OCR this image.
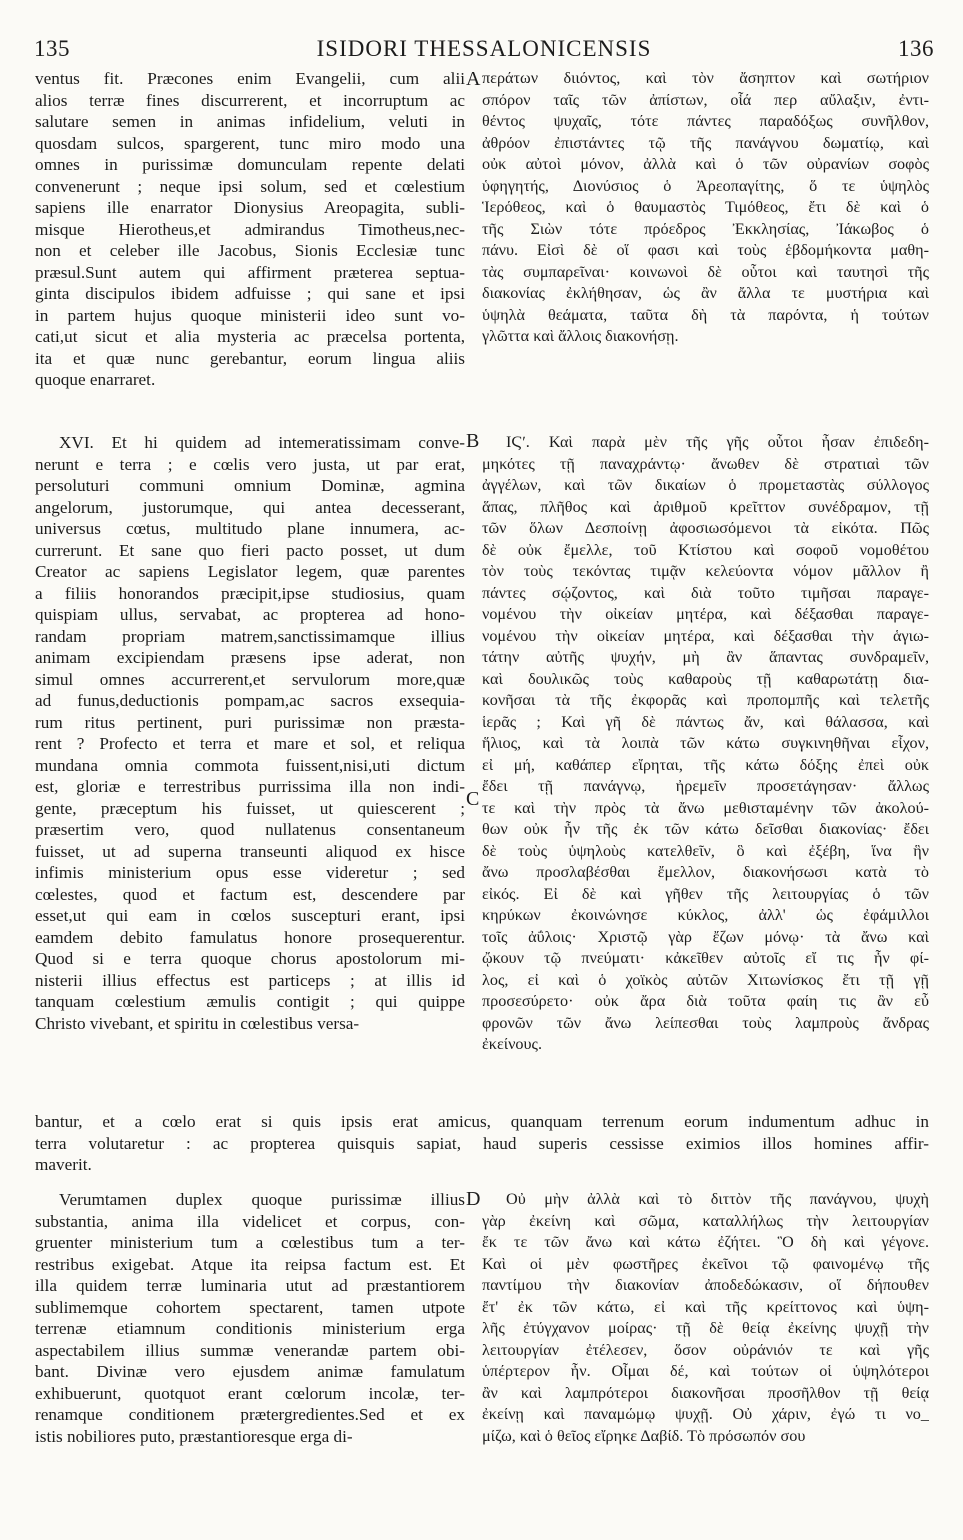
135	ISIDORI THESSALONICENSIS	136
A
B
C
D
ventus fit. Præcones enim Evangelii, cum alii
alios terræ fines discurrerent, et incorruptum ac
salutare semen in animas infidelium, veluti in
quosdam sulcos, spargerent, tunc miro modo una
omnes in purissimæ domunculam repente delati
convenerunt ; neque ipsi solum, sed et cœlestium
sapiens ille enarrator Dionysius Areopagita, subli-
misque Hierotheus,et admirandus Timotheus,nec-
non et celeber ille Jacobus, Sionis Ecclesiæ tunc
præsul.Sunt autem qui affirment præterea septua-
ginta discipulos ibidem adfuisse ; qui sane et ipsi
in partem hujus quoque ministerii ideo sunt vo-
cati,ut sicut et alia mysteria ac præcelsa portenta,
ita et quæ nunc gerebantur, eorum lingua aliis
quoque enarraret.
XVI. Et hi quidem ad intemeratissimam conve-
nerunt e terra ; e cœlis vero justa, ut par erat,
persoluturi communi omnium Dominæ, agmina
angelorum, justorumque, qui antea decesserant,
universus cœtus, multitudo plane innumera, ac-
currerunt. Et sane quo fieri pacto posset, ut dum
Creator ac sapiens Legislator legem, quæ parentes
a filiis honorandos præcipit,ipse studiosius, quam
quispiam ullus, servabat, ac propterea ad hono-
randam propriam matrem,sanctissimamque illius
animam excipiendam præsens ipse aderat, non
simul omnes accurrerent,et servulorum more,quæ
ad funus,deductionis pompam,ac sacros exsequia-
rum ritus pertinent, puri purissimæ non præsta-
rent ? Profecto et terra et mare et sol, et reliqua
mundana omnia commota fuissent,nisi,uti dictum
est, gloriæ e terrestribus purrissima illa non indi-
gente, præceptum his fuisset, ut quiescerent ;
præsertim vero, quod nullatenus consentaneum
fuisset, ut ad superna transeunti aliquod ex hisce
infimis ministerium opus esse videretur ; sed
cœlestes, quod et factum est, descendere par
esset,ut qui eam in cœlos suscepturi erant, ipsi
eamdem debito famulatus honore prosequerentur.
Quod si e terra quoque chorus apostolorum mi-
nisterii illius effectus est particeps ; at illis id
tanquam cœlestium æmulis contigit ; qui quippe
Christo vivebant, et spiritu in cœlestibus versa-
bantur, et a cœlo erat si quis ipsis erat amicus, quanquam terrenum eorum indumentum adhuc in
terra volutaretur : ac propterea quisquis sapiat, haud superis cessisse eximios illos homines affir-
maverit.
Verumtamen duplex quoque purissimæ illius
substantia, anima illa videlicet et corpus, con-
gruenter ministerium tum a cœlestibus tum a ter-
restribus exigebat. Atque ita reipsa factum est. Et
illa quidem terræ luminaria utut ad præstantiorem
sublimemque cohortem spectarent, tamen utpote
terrenæ etiamnum conditionis ministerium erga
aspectabilem illius summæ venerandæ partem obi-
bant. Divinæ vero ejusdem animæ famulatum
exhibuerunt, quotquot erant cœlorum incolæ, ter-
renamque conditionem prætergredientes.Sed et ex
istis nobiliores puto, præstantioresque erga di-
περάτων διιόντος, καὶ τὸν ἄσηπτον καὶ σωτήριον
σπόρον ταῖς τῶν ἀπίστων, οἷά περ αὔλαξιν, ἐντι-
θέντος ψυχαῖς, τότε πάντες παραδόξως συνῆλθον,
ἀθρόον ἐπιστάντες τῷ τῆς πανάγνου δωματίῳ, καὶ
οὐκ αὐτοὶ μόνον, ἀλλὰ καὶ ὁ τῶν οὐρανίων σοφὸς
ὑφηγητής, Διονύσιος ὁ Ἀρεοπαγίτης, ὅ τε ὑψηλὸς
Ἱερόθεος, καὶ ὁ θαυμαστὸς Τιμόθεος, ἔτι δὲ καὶ ὁ
τῆς Σιὼν τότε πρόεδρος Ἐκκλησίας, Ἰάκωβος ὁ
πάνυ. Εἰσὶ δὲ οἵ φασι καὶ τοὺς ἑβδομήκοντα μαθη-
τὰς συμπαρεῖναι· κοινωνοὶ δὲ οὗτοι καὶ ταυτησὶ τῆς
διακονίας ἐκλήθησαν, ὡς ἂν ἄλλα τε μυστήρια καὶ
ὑψηλὰ θεάματα, ταῦτα δὴ τὰ παρόντα, ἡ τούτων
γλῶττα καὶ ἄλλοις διακονήσῃ.
ΙϚʹ. Καὶ παρὰ μὲν τῆς γῆς οὗτοι ἦσαν ἐπιδεδη-
μηκότες τῇ παναχράντῳ· ἄνωθεν δὲ στρατιαὶ τῶν
ἀγγέλων, καὶ τῶν δικαίων ὁ προμεταστὰς σύλλογος
ἅπας, πλῆθος καὶ ἀριθμοῦ κρεῖττον συνέδραμον, τῇ
τῶν ὅλων Δεσποίνῃ ἀφοσιωσόμενοι τὰ εἰκότα. Πῶς
δὲ οὐκ ἔμελλε, τοῦ Κτίστου καὶ σοφοῦ νομοθέτου
τὸν τοὺς τεκόντας τιμᾷν κελεύοντα νόμον μᾶλλον ἢ
πάντες σῴζοντος, καὶ διὰ τοῦτο τιμῆσαι παραγε-
νομένου τὴν οἰκείαν μητέρα, καὶ δέξασθαι παραγε-
νομένου τὴν οἰκείαν μητέρα, καὶ δέξασθαι τὴν ἁγιω-
τάτην αὐτῆς ψυχήν, μὴ ἂν ἅπαντας συνδραμεῖν,
καὶ δουλικῶς τοὺς καθαροὺς τῇ καθαρωτάτῃ δια-
κονῆσαι τὰ τῆς ἐκφορᾶς καὶ προπομπῆς καὶ τελετῆς
ἱερᾶς ; Καὶ γῆ δὲ πάντως ἄν, καὶ θάλασσα, καὶ
ἥλιος, καὶ τὰ λοιπὰ τῶν κάτω συγκινηθῆναι εἶχον,
εἰ μή, καθάπερ εἴρηται, τῆς κάτω δόξης ἐπεὶ οὐκ
ἔδει τῇ πανάγνῳ, ἠρεμεῖν προσετάγησαν· ἄλλως
τε καὶ τὴν πρὸς τὰ ἄνω μεθισταμένην τῶν ἀκολού-
θων οὐκ ἦν τῆς ἐκ τῶν κάτω δεῖσθαι διακονίας· ἔδει
δὲ τοὺς ὑψηλοὺς κατελθεῖν, ὃ καὶ ἐξέβη, ἵνα ἣν
ἄνω προσλαβέσθαι ἔμελλον, διακονήσωσι κατὰ τὸ
εἰκός. Εἰ δὲ καὶ γῆθεν τῆς λειτουργίας ὁ τῶν
κηρύκων ἐκοινώνησε κύκλος, ἀλλ' ὡς ἐφάμιλλοι
τοῖς ἀΰλοις· Χριστῷ γὰρ ἔζων μόνῳ· τὰ ἄνω καὶ
ᾤκουν τῷ πνεύματι· κἀκεῖθεν αὐτοῖς εἴ τις ἦν φί-
λος, εἰ καὶ ὁ χοϊκὸς αὐτῶν Χιτωνίσκος ἔτι τῇ γῇ
προσεσύρετο· οὐκ ἄρα διὰ τοῦτα φαίη τις ἂν εὖ
φρονῶν τῶν ἄνω λείπεσθαι τοὺς λαμπροὺς ἄνδρας
ἐκείνους.
Οὐ μὴν ἀλλὰ καὶ τὸ διττὸν τῆς πανάγνου, ψυχὴ
γὰρ ἐκείνη καὶ σῶμα, καταλλήλως τὴν λειτουργίαν
ἔκ τε τῶν ἄνω καὶ κάτω ἐζήτει. Ὃ δὴ καὶ γέγονε.
Καὶ οἱ μὲν φωστῆρες ἐκεῖνοι τῷ φαινομένῳ τῆς
παντίμου τὴν διακονίαν ἀποδεδώκασιν, οἵ δήπουθεν
ἔτ' ἐκ τῶν κάτω, εἰ καὶ τῆς κρείττονος καὶ ὑψη-
λῆς ἐτύγχανον μοίρας· τῇ δὲ θείᾳ ἐκείνης ψυχῇ τὴν
λειτουργίαν ἐτέλεσεν, ὅσον οὐράνιόν τε καὶ γῆς
ὑπέρτερον ἦν. Οἶμαι δέ, καὶ τούτων οἱ ὑψηλότεροι
ἂν καὶ λαμπρότεροι διακονῆσαι προσῆλθον τῇ θείᾳ
ἐκείνῃ καὶ παναμώμῳ ψυχῇ. Οὐ χάριν, ἐγώ τι νο_
μίζω, καὶ ὁ θεῖος εἴρηκε Δαβίδ. Τὸ πρόσωπόν σου
